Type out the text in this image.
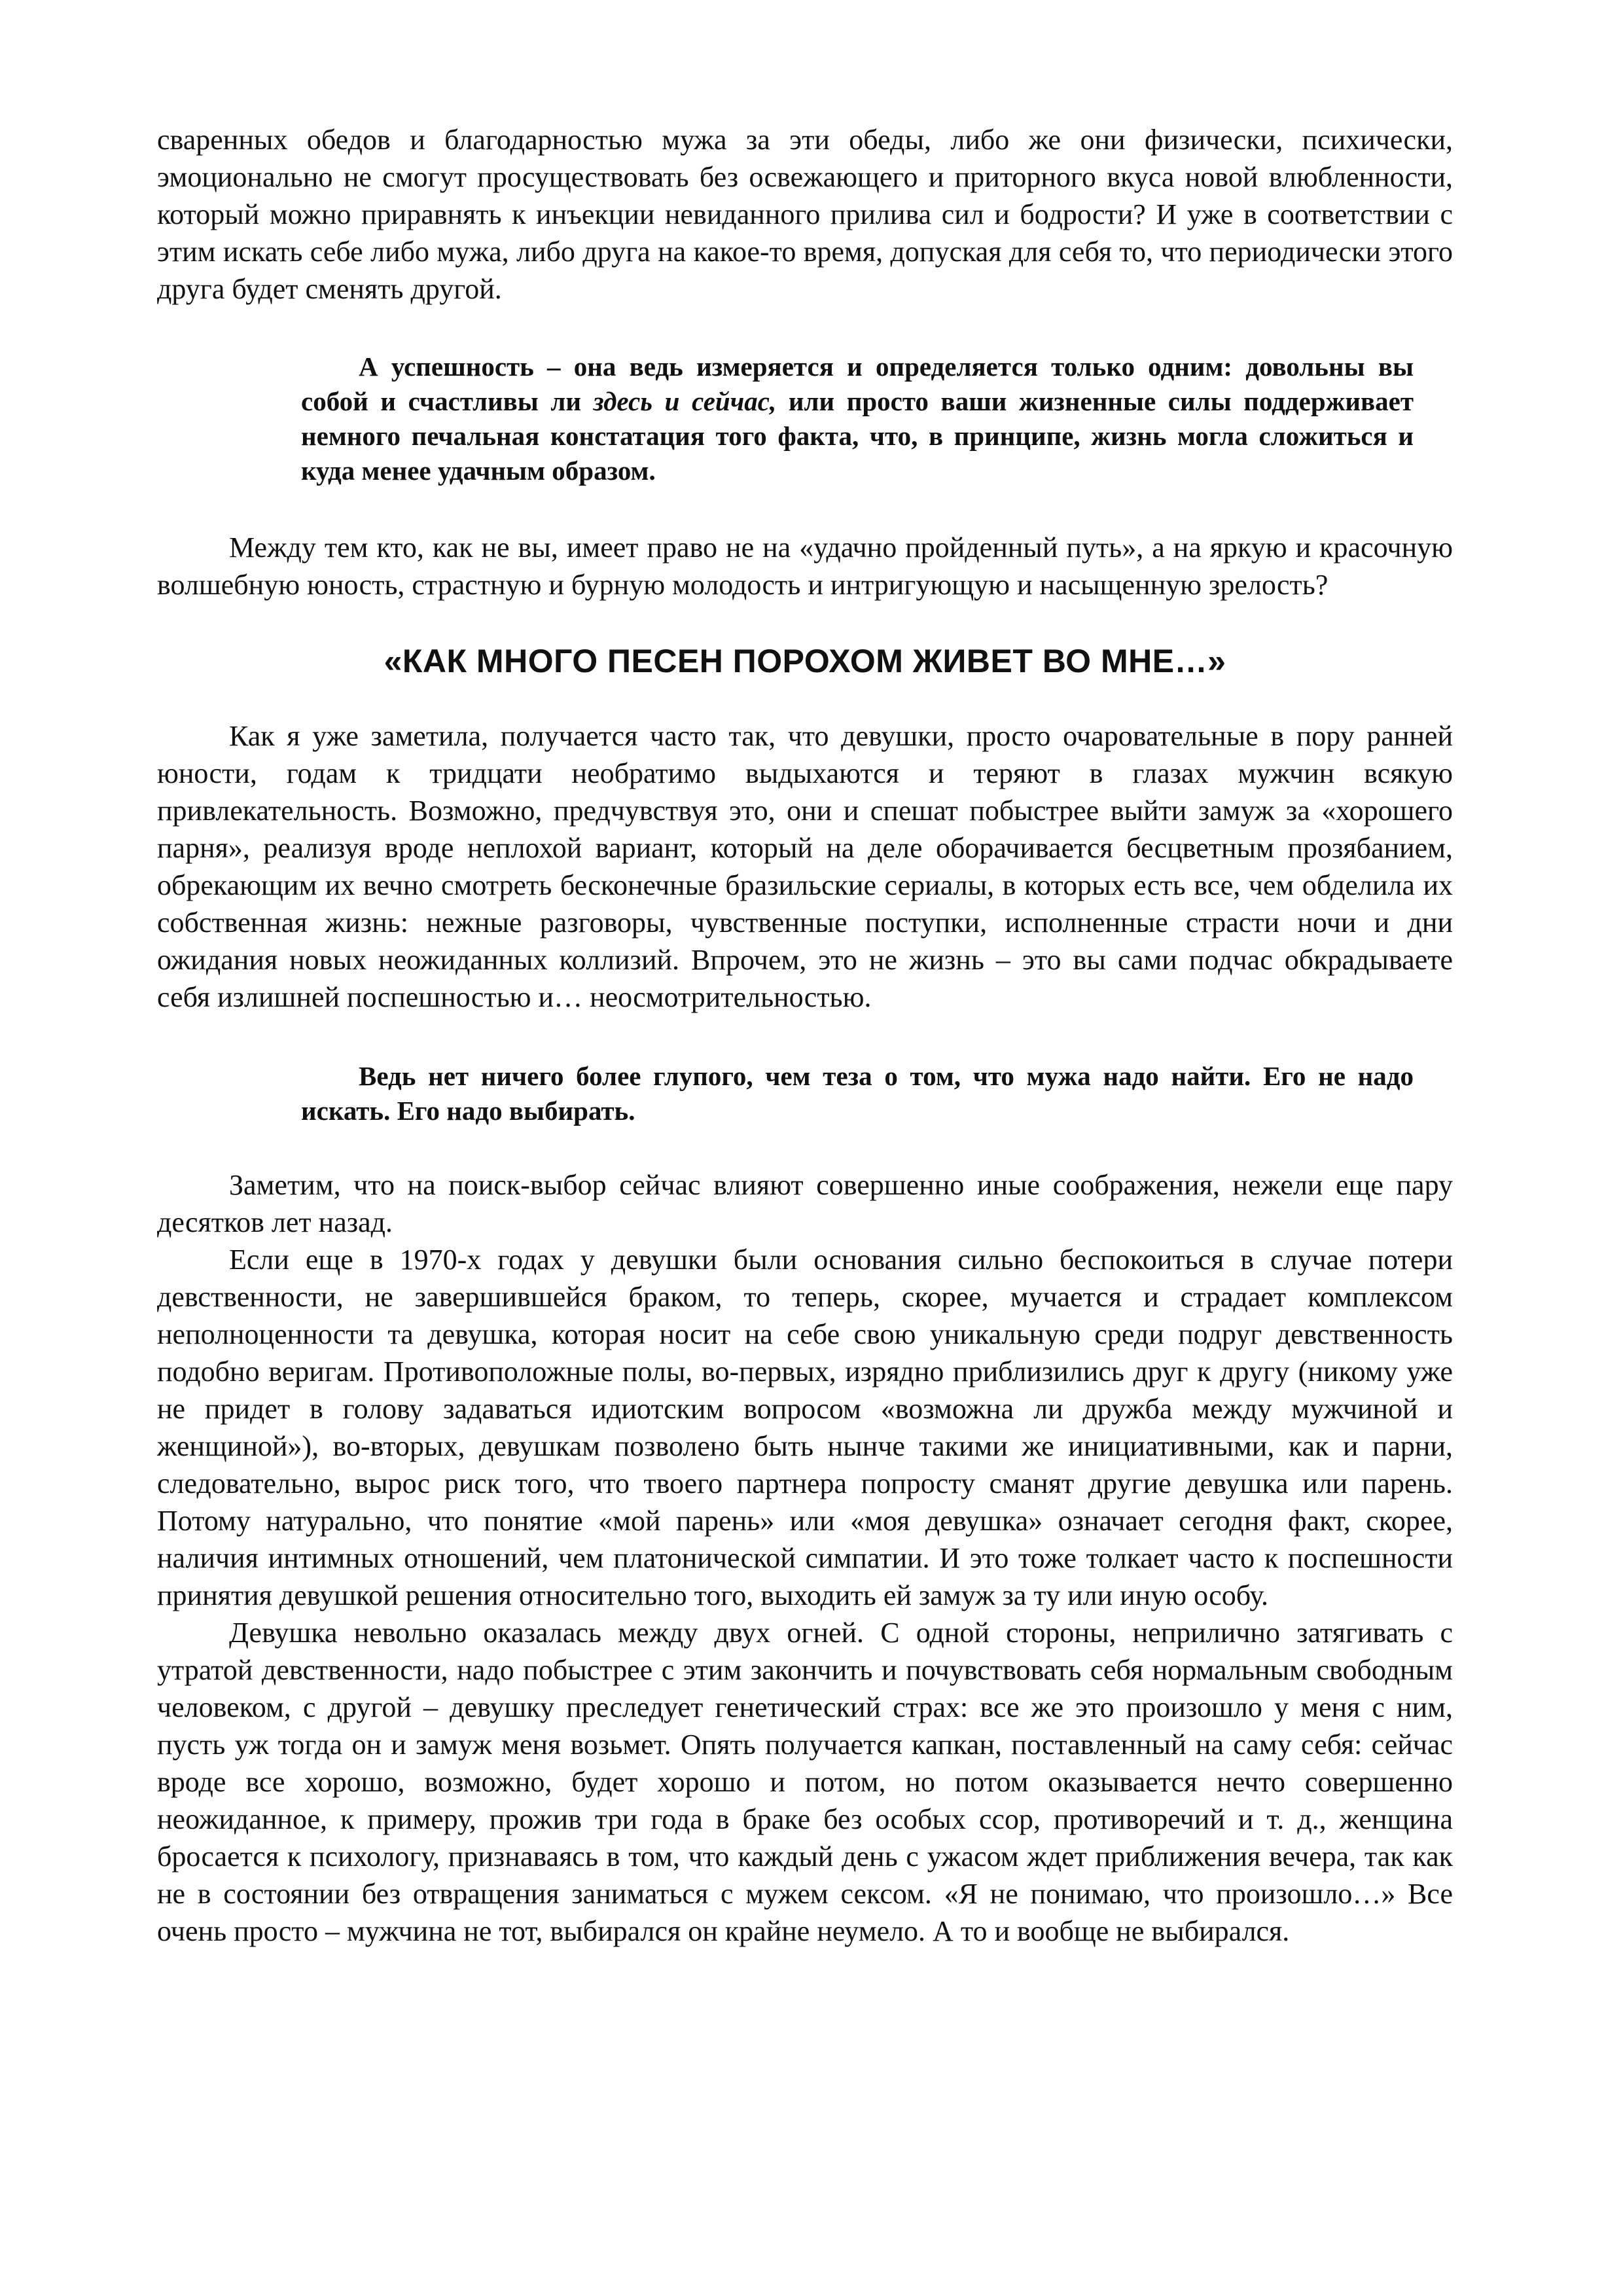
сваренных обедов и благодарностью мужа за эти обеды, либо же они физически, психически, эмоционально не смогут просуществовать без освежающего и приторного вкуса новой влюбленности, который можно приравнять к инъекции невиданного прилива сил и бодрости? И уже в соответствии с этим искать себе либо мужа, либо друга на какое-то время, допуская для себя то, что периодически этого друга будет сменять другой.

А успешность – она ведь измеряется и определяется только одним: довольны вы собой и счастливы ли здесь и сейчас, или просто ваши жизненные силы поддерживает немного печальная констатация того факта, что, в принципе, жизнь могла сложиться и куда менее удачным образом.

Между тем кто, как не вы, имеет право не на «удачно пройденный путь», а на яркую и красочную волшебную юность, страстную и бурную молодость и интригующую и насыщенную зрелость?

«КАК МНОГО ПЕСЕН ПОРОХОМ ЖИВЕТ ВО МНЕ…»

Как я уже заметила, получается часто так, что девушки, просто очаровательные в пору ранней юности, годам к тридцати необратимо выдыхаются и теряют в глазах мужчин всякую привлекательность. Возможно, предчувствуя это, они и спешат побыстрее выйти замуж за «хорошего парня», реализуя вроде неплохой вариант, который на деле оборачивается бесцветным прозябанием, обрекающим их вечно смотреть бесконечные бразильские сериалы, в которых есть все, чем обделила их собственная жизнь: нежные разговоры, чувственные поступки, исполненные страсти ночи и дни ожидания новых неожиданных коллизий. Впрочем, это не жизнь – это вы сами подчас обкрадываете себя излишней поспешностью и… неосмотрительностью.

Ведь нет ничего более глупого, чем теза о том, что мужа надо найти. Его не надо искать. Его надо выбирать.

Заметим, что на поиск-выбор сейчас влияют совершенно иные соображения, нежели еще пару десятков лет назад.

Если еще в 1970-х годах у девушки были основания сильно беспокоиться в случае потери девственности, не завершившейся браком, то теперь, скорее, мучается и страдает комплексом неполноценности та девушка, которая носит на себе свою уникальную среди подруг девственность подобно веригам. Противоположные полы, во-первых, изрядно приблизились друг к другу (никому уже не придет в голову задаваться идиотским вопросом «возможна ли дружба между мужчиной и женщиной»), во-вторых, девушкам позволено быть нынче такими же инициативными, как и парни, следовательно, вырос риск того, что твоего партнера попросту сманят другие девушка или парень. Потому натурально, что понятие «мой парень» или «моя девушка» означает сегодня факт, скорее, наличия интимных отношений, чем платонической симпатии. И это тоже толкает часто к поспешности принятия девушкой решения относительно того, выходить ей замуж за ту или иную особу.

Девушка невольно оказалась между двух огней. С одной стороны, неприлично затягивать с утратой девственности, надо побыстрее с этим закончить и почувствовать себя нормальным свободным человеком, с другой – девушку преследует генетический страх: все же это произошло у меня с ним, пусть уж тогда он и замуж меня возьмет. Опять получается капкан, поставленный на саму себя: сейчас вроде все хорошо, возможно, будет хорошо и потом, но потом оказывается нечто совершенно неожиданное, к примеру, прожив три года в браке без особых ссор, противоречий и т. д., женщина бросается к психологу, признаваясь в том, что каждый день с ужасом ждет приближения вечера, так как не в состоянии без отвращения заниматься с мужем сексом. «Я не понимаю, что произошло…» Все очень просто – мужчина не тот, выбирался он крайне неумело. А то и вообще не выбирался.
